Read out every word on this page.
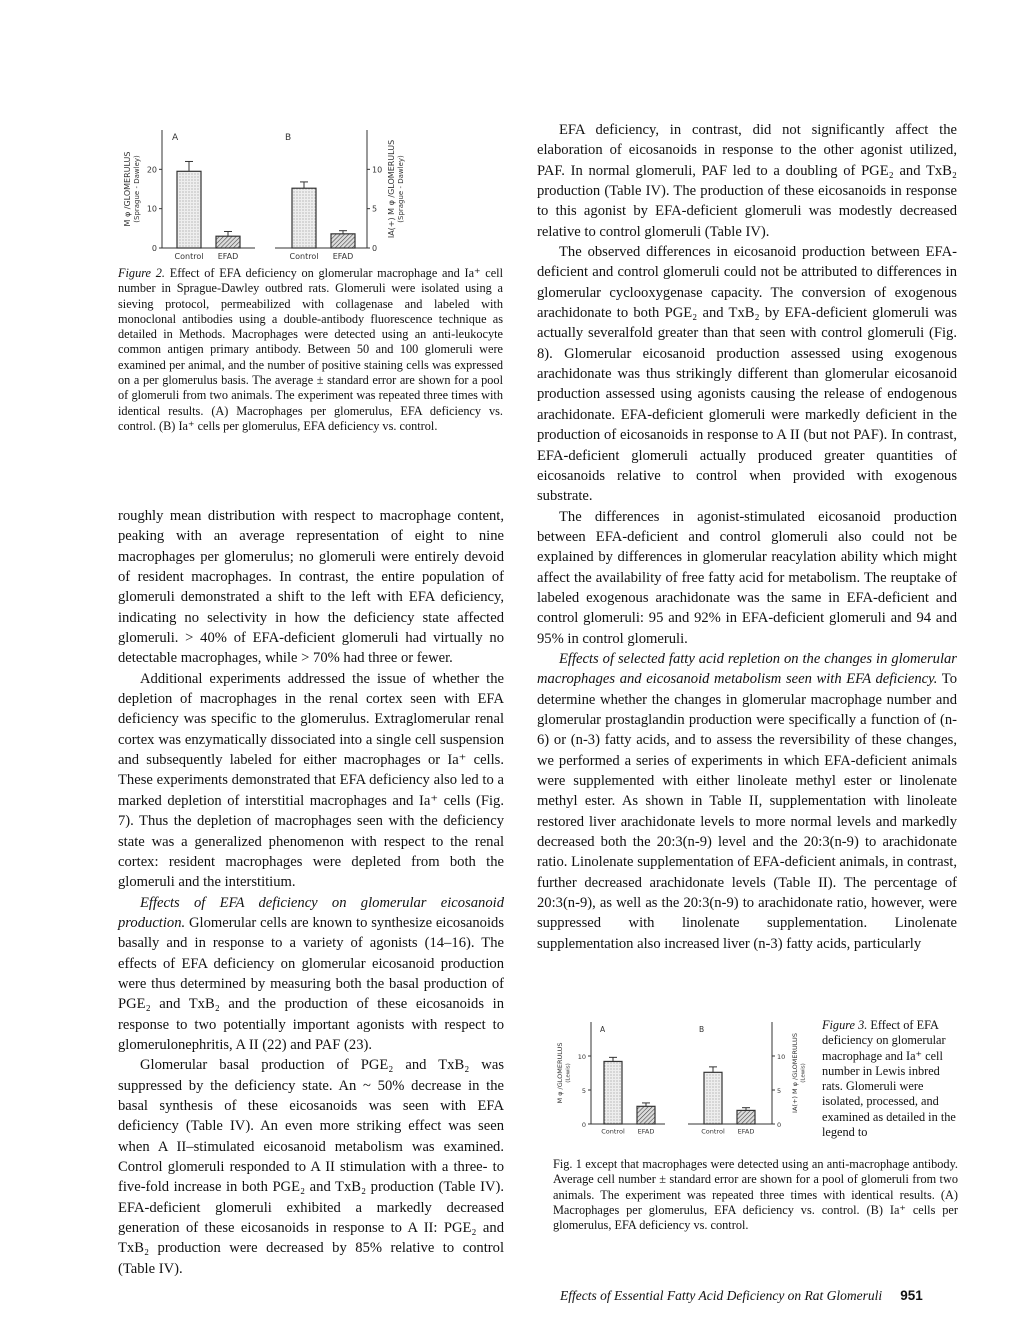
0
10
20
A
M φ /GLOMERULUS (Sprague - Dawley)
Control EFAD
0
5
10
B
IA(+) M φ /GLOMERULUS (Sprague - Dawley)
Control EFAD

Figure 2. Effect of EFA deficiency on glomerular macrophage and Ia⁺ cell number in Sprague-Dawley outbred rats. Glomeruli were isolated using a sieving protocol, permeabilized with collagenase and labeled with monoclonal antibodies using a double-antibody fluorescence technique as detailed in Methods. Macrophages were detected using an anti-leukocyte common antigen primary antibody. Between 50 and 100 glomeruli were examined per animal, and the number of positive staining cells was expressed on a per glomerulus basis. The average ± standard error are shown for a pool of glomeruli from two animals. The experiment was repeated three times with identical results. (A) Macrophages per glomerulus, EFA deficiency vs. control. (B) Ia⁺ cells per glomerulus, EFA deficiency vs. control.

roughly mean distribution with respect to macrophage content, peaking with an average representation of eight to nine macrophages per glomerulus; no glomeruli were entirely devoid of resident macrophages. In contrast, the entire population of glomeruli demonstrated a shift to the left with EFA deficiency, indicating no selectivity in how the deficiency state affected glomeruli. > 40% of EFA-deficient glomeruli had virtually no detectable macrophages, while > 70% had three or fewer.

Additional experiments addressed the issue of whether the depletion of macrophages in the renal cortex seen with EFA deficiency was specific to the glomerulus. Extraglomerular renal cortex was enzymatically dissociated into a single cell suspension and subsequently labeled for either macrophages or Ia⁺ cells. These experiments demonstrated that EFA deficiency also led to a marked depletion of interstitial macrophages and Ia⁺ cells (Fig. 7). Thus the depletion of macrophages seen with the deficiency state was a generalized phenomenon with respect to the renal cortex: resident macrophages were depleted from both the glomeruli and the interstitium.

Effects of EFA deficiency on glomerular eicosanoid production. Glomerular cells are known to synthesize eicosanoids basally and in response to a variety of agonists (14–16). The effects of EFA deficiency on glomerular eicosanoid production were thus determined by measuring both the basal production of PGE₂ and TxB₂ and the production of these eicosanoids in response to two potentially important agonists with respect to glomerulonephritis, A II (22) and PAF (23).

Glomerular basal production of PGE₂ and TxB₂ was suppressed by the deficiency state. An ~ 50% decrease in the basal synthesis of these eicosanoids was seen with EFA deficiency (Table IV). An even more striking effect was seen when A II–stimulated eicosanoid metabolism was examined. Control glomeruli responded to A II stimulation with a three- to five-fold increase in both PGE₂ and TxB₂ production (Table IV). EFA-deficient glomeruli exhibited a markedly decreased generation of these eicosanoids in response to A II: PGE₂ and TxB₂ production were decreased by 85% relative to control (Table IV).

EFA deficiency, in contrast, did not significantly affect the elaboration of eicosanoids in response to the other agonist utilized, PAF. In normal glomeruli, PAF led to a doubling of PGE₂ and TxB₂ production (Table IV). The production of these eicosanoids in response to this agonist by EFA-deficient glomeruli was modestly decreased relative to control glomeruli (Table IV).

The observed differences in eicosanoid production between EFA-deficient and control glomeruli could not be attributed to differences in glomerular cyclooxygenase capacity. The conversion of exogenous arachidonate to both PGE₂ and TxB₂ by EFA-deficient glomeruli was actually severalfold greater than that seen with control glomeruli (Fig. 8). Glomerular eicosanoid production assessed using exogenous arachidonate was thus strikingly different than glomerular eicosanoid production assessed using agonists causing the release of endogenous arachidonate. EFA-deficient glomeruli were markedly deficient in the production of eicosanoids in response to A II (but not PAF). In contrast, EFA-deficient glomeruli actually produced greater quantities of eicosanoids relative to control when provided with exogenous substrate.

The differences in agonist-stimulated eicosanoid production between EFA-deficient and control glomeruli also could not be explained by differences in glomerular reacylation ability which might affect the availability of free fatty acid for metabolism. The reuptake of labeled exogenous arachidonate was the same in EFA-deficient and control glomeruli: 95 and 92% in EFA-deficient glomeruli and 94 and 95% in control glomeruli.

Effects of selected fatty acid repletion on the changes in glomerular macrophages and eicosanoid metabolism seen with EFA deficiency. To determine whether the changes in glomerular macrophage number and glomerular prostaglandin production were specifically a function of (n-6) or (n-3) fatty acids, and to assess the reversibility of these changes, we performed a series of experiments in which EFA-deficient animals were supplemented with either linoleate methyl ester or linolenate methyl ester. As shown in Table II, supplementation with linoleate restored liver arachidonate levels to more normal levels and markedly decreased both the 20:3(n-9) level and the 20:3(n-9) to arachidonate ratio. Linolenate supplementation of EFA-deficient animals, in contrast, further decreased arachidonate levels (Table II). The percentage of 20:3(n-9), as well as the 20:3(n-9) to arachidonate ratio, however, were suppressed with linolenate supplementation. Linolenate supplementation also increased liver (n-3) fatty acids, particularly

0
5
10
A
M φ /GLOMERULUS (Lewis)
Control EFAD
0
5
10
B
IA(+) M φ /GLOMERULUS (Lewis)
Control EFAD

Figure 3. Effect of EFA deficiency on glomerular macrophage and Ia⁺ cell number in Lewis inbred rats. Glomeruli were isolated, processed, and examined as detailed in the legend to

Fig. 1 except that macrophages were detected using an anti-macrophage antibody. Average cell number ± standard error are shown for a pool of glomeruli from two animals. The experiment was repeated three times with identical results. (A) Macrophages per glomerulus, EFA deficiency vs. control. (B) Ia⁺ cells per glomerulus, EFA deficiency vs. control.

Effects of Essential Fatty Acid Deficiency on Rat Glomeruli 951
